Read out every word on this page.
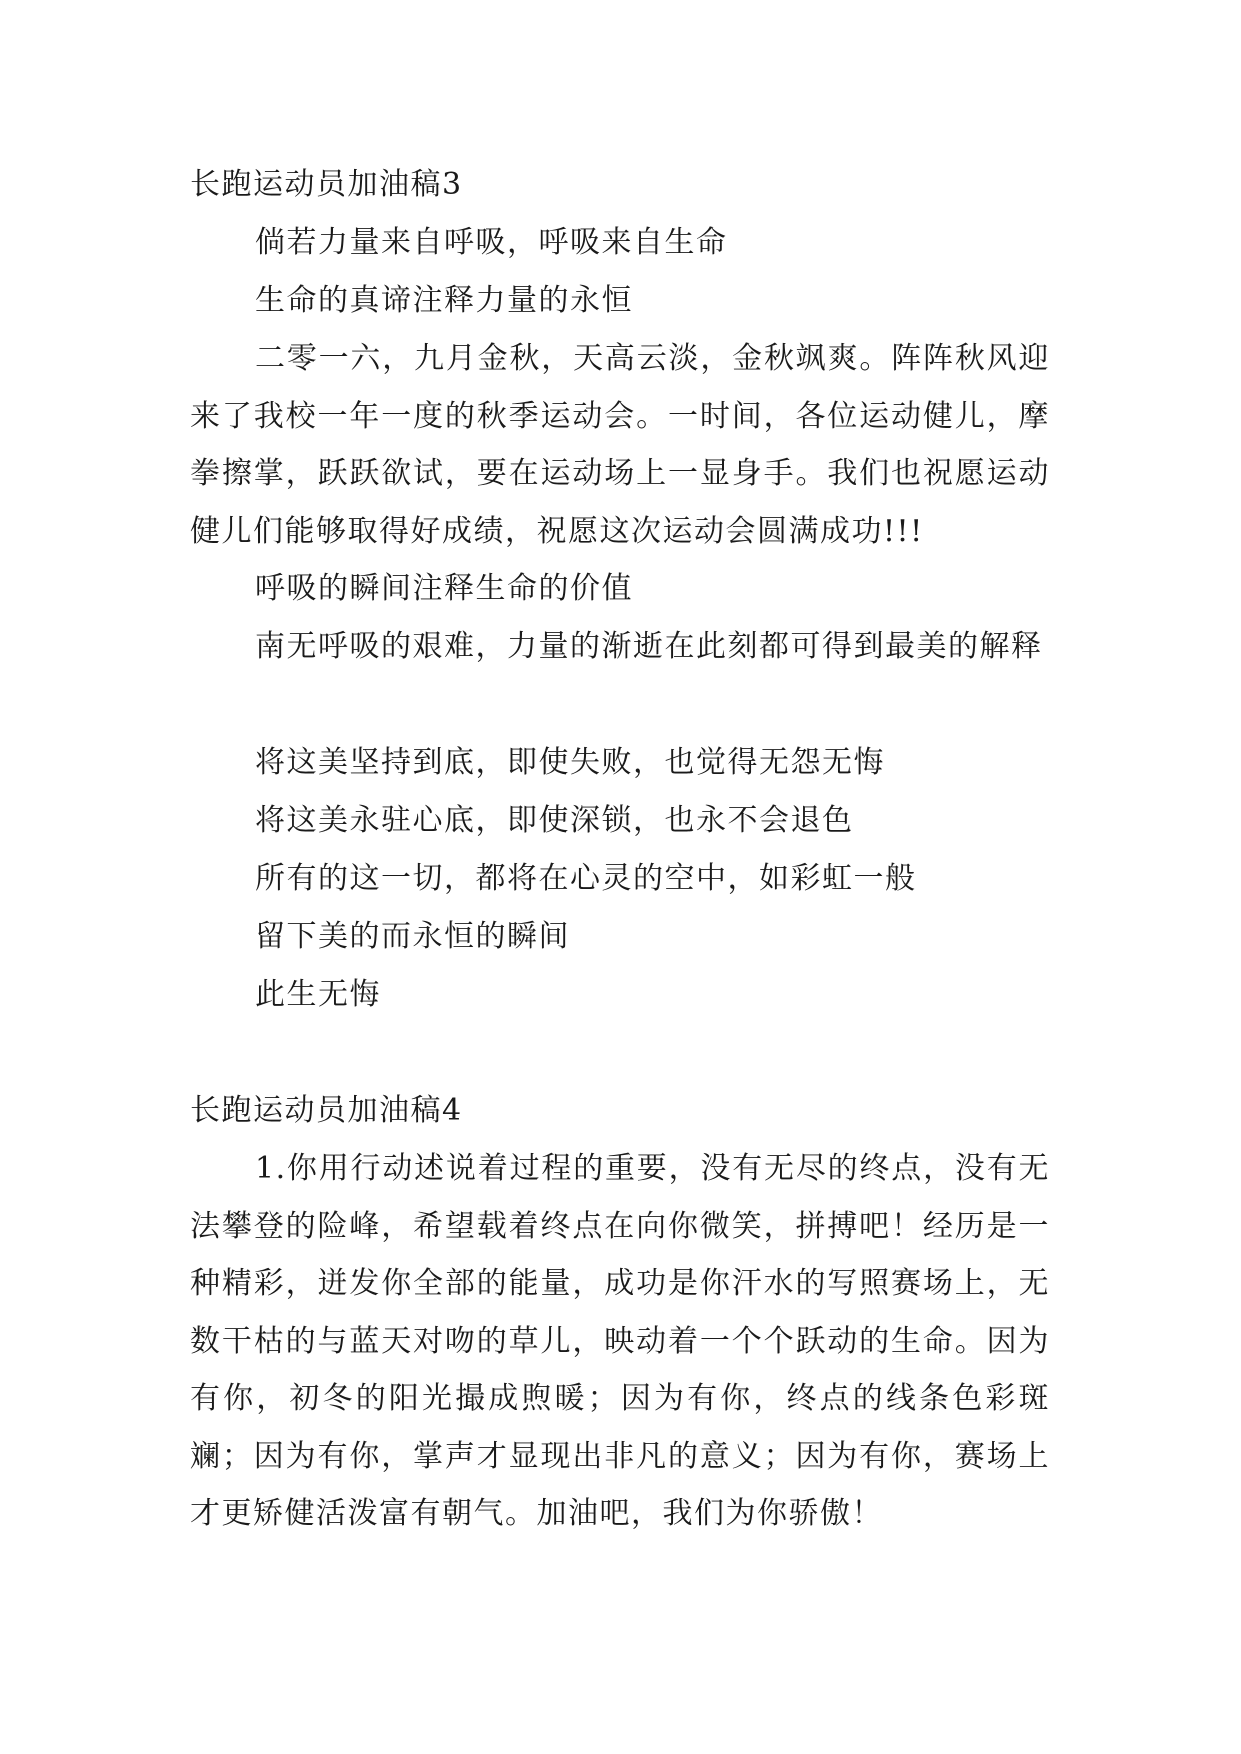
长跑运动员加油稿3

倘若力量来自呼吸，呼吸来自生命

生命的真谛注释力量的永恒

二零一六，九月金秋，天高云淡，金秋飒爽。阵阵秋风迎来了我校一年一度的秋季运动会。一时间，各位运动健儿，摩拳擦掌，跃跃欲试，要在运动场上一显身手。我们也祝愿运动健儿们能够取得好成绩，祝愿这次运动会圆满成功!!!

呼吸的瞬间注释生命的价值

南无呼吸的艰难，力量的渐逝在此刻都可得到最美的解释

将这美坚持到底，即使失败，也觉得无怨无悔

将这美永驻心底，即使深锁，也永不会退色

所有的这一切，都将在心灵的空中，如彩虹一般

留下美的而永恒的瞬间

此生无悔

长跑运动员加油稿4

1.你用行动述说着过程的重要，没有无尽的终点，没有无法攀登的险峰，希望载着终点在向你微笑，拼搏吧！经历是一种精彩，迸发你全部的能量，成功是你汗水的写照赛场上，无数干枯的与蓝天对吻的草儿，映动着一个个跃动的生命。因为有你，初冬的阳光撮成煦暖；因为有你，终点的线条色彩斑斓；因为有你，掌声才显现出非凡的意义；因为有你，赛场上才更矫健活泼富有朝气。加油吧，我们为你骄傲！
